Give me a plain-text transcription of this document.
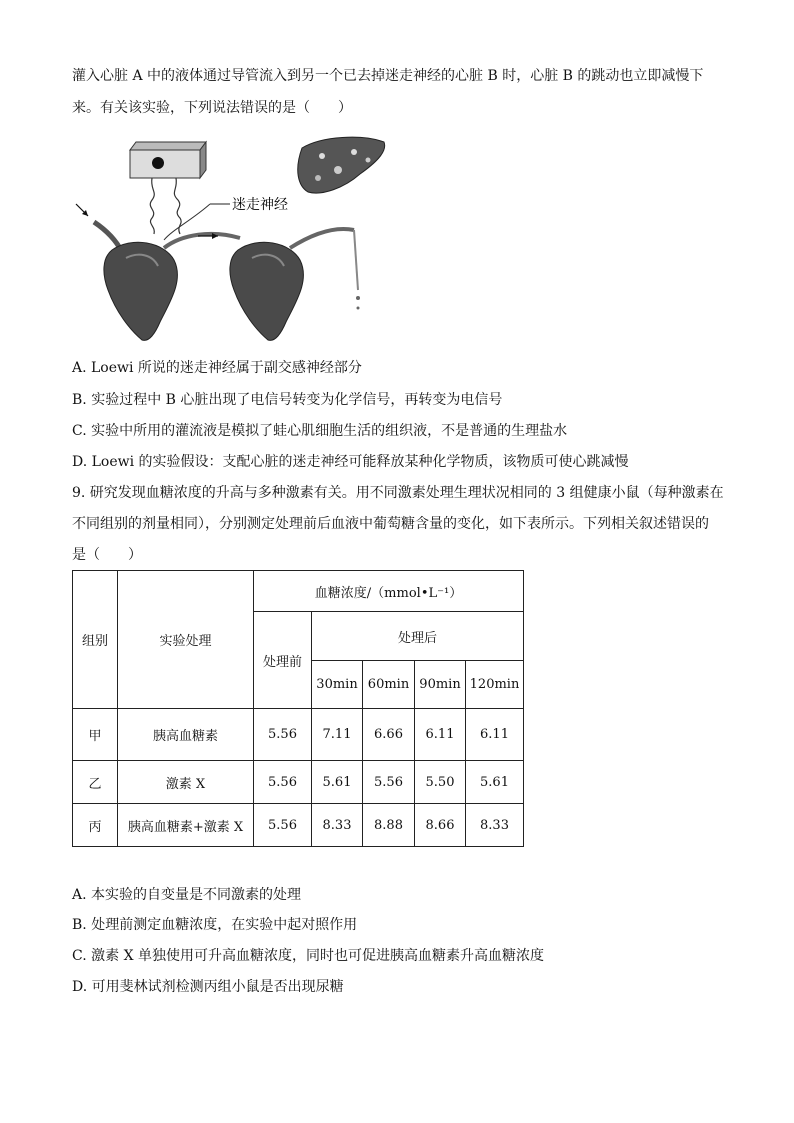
灌入心脏 A 中的液体通过导管流入到另一个已去掉迷走神经的心脏 B 时，心脏 B 的跳动也立即减慢下
来。有关该实验，下列说法错误的是（　　）
迷走神经
A. Loewi 所说的迷走神经属于副交感神经部分
B. 实验过程中 B 心脏出现了电信号转变为化学信号，再转变为电信号
C. 实验中所用的灌流液是模拟了蛙心肌细胞生活的组织液，不是普通的生理盐水
D. Loewi 的实验假设：支配心脏的迷走神经可能释放某种化学物质，该物质可使心跳减慢
9. 研究发现血糖浓度的升高与多种激素有关。用不同激素处理生理状况相同的 3 组健康小鼠（每种激素在
不同组别的剂量相同），分别测定处理前后血液中葡萄糖含量的变化，如下表所示。下列相关叙述错误的
是（　　）
组别	实验处理	血糖浓度/（mmol•L⁻¹）				
		处理前	处理后			
			30min	60min	90min	120min
甲	胰高血糖素	5.56	7.11	6.66	6.11	6.11
乙	激素 X	5.56	5.61	5.56	5.50	5.61
丙	胰高血糖素+激素 X	5.56	8.33	8.88	8.66	8.33
A. 本实验的自变量是不同激素的处理
B. 处理前测定血糖浓度，在实验中起对照作用
C. 激素 X 单独使用可升高血糖浓度，同时也可促进胰高血糖素升高血糖浓度
D. 可用斐林试剂检测丙组小鼠是否出现尿糖
